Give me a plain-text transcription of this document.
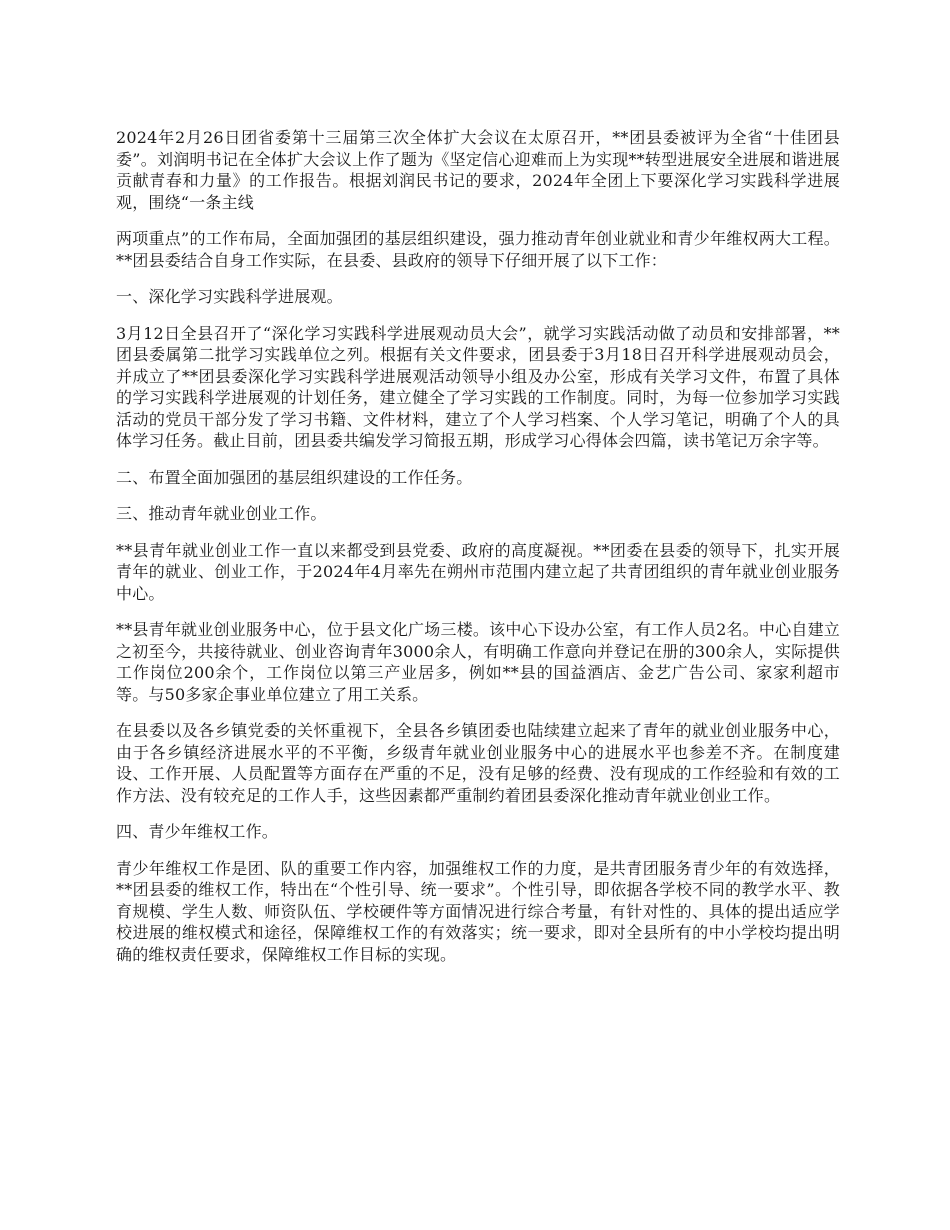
2024年2月26日团省委第十三届第三次全体扩大会议在太原召开，**团县委被评为全省“十佳团县委”。刘润明书记在全体扩大会议上作了题为《坚定信心迎难而上为实现**转型进展安全进展和谐进展贡献青春和力量》的工作报告。根据刘润民书记的要求，2024年全团上下要深化学习实践科学进展观，围绕“一条主线

两项重点”的工作布局，全面加强团的基层组织建设，强力推动青年创业就业和青少年维权两大工程。**团县委结合自身工作实际，在县委、县政府的领导下仔细开展了以下工作：

一、深化学习实践科学进展观。

3月12日全县召开了“深化学习实践科学进展观动员大会”，就学习实践活动做了动员和安排部署，**团县委属第二批学习实践单位之列。根据有关文件要求，团县委于3月18日召开科学进展观动员会，并成立了**团县委深化学习实践科学进展观活动领导小组及办公室，形成有关学习文件，布置了具体的学习实践科学进展观的计划任务，建立健全了学习实践的工作制度。同时，为每一位参加学习实践活动的党员干部分发了学习书籍、文件材料，建立了个人学习档案、个人学习笔记，明确了个人的具体学习任务。截止目前，团县委共编发学习简报五期，形成学习心得体会四篇，读书笔记万余字等。

二、布置全面加强团的基层组织建设的工作任务。

三、推动青年就业创业工作。

**县青年就业创业工作一直以来都受到县党委、政府的高度凝视。**团委在县委的领导下，扎实开展青年的就业、创业工作，于2024年4月率先在朔州市范围内建立起了共青团组织的青年就业创业服务中心。

**县青年就业创业服务中心，位于县文化广场三楼。该中心下设办公室，有工作人员2名。中心自建立之初至今，共接待就业、创业咨询青年3000余人，有明确工作意向并登记在册的300余人，实际提供工作岗位200余个，工作岗位以第三产业居多，例如**县的国益酒店、金艺广告公司、家家利超市等。与50多家企事业单位建立了用工关系。

在县委以及各乡镇党委的关怀重视下，全县各乡镇团委也陆续建立起来了青年的就业创业服务中心，由于各乡镇经济进展水平的不平衡，乡级青年就业创业服务中心的进展水平也参差不齐。在制度建设、工作开展、人员配置等方面存在严重的不足，没有足够的经费、没有现成的工作经验和有效的工作方法、没有较充足的工作人手，这些因素都严重制约着团县委深化推动青年就业创业工作。

四、青少年维权工作。

青少年维权工作是团、队的重要工作内容，加强维权工作的力度，是共青团服务青少年的有效选择，**团县委的维权工作，特出在“个性引导、统一要求”。个性引导，即依据各学校不同的教学水平、教育规模、学生人数、师资队伍、学校硬件等方面情况进行综合考量，有针对性的、具体的提出适应学校进展的维权模式和途径，保障维权工作的有效落实；统一要求，即对全县所有的中小学校均提出明确的维权责任要求，保障维权工作目标的实现。
